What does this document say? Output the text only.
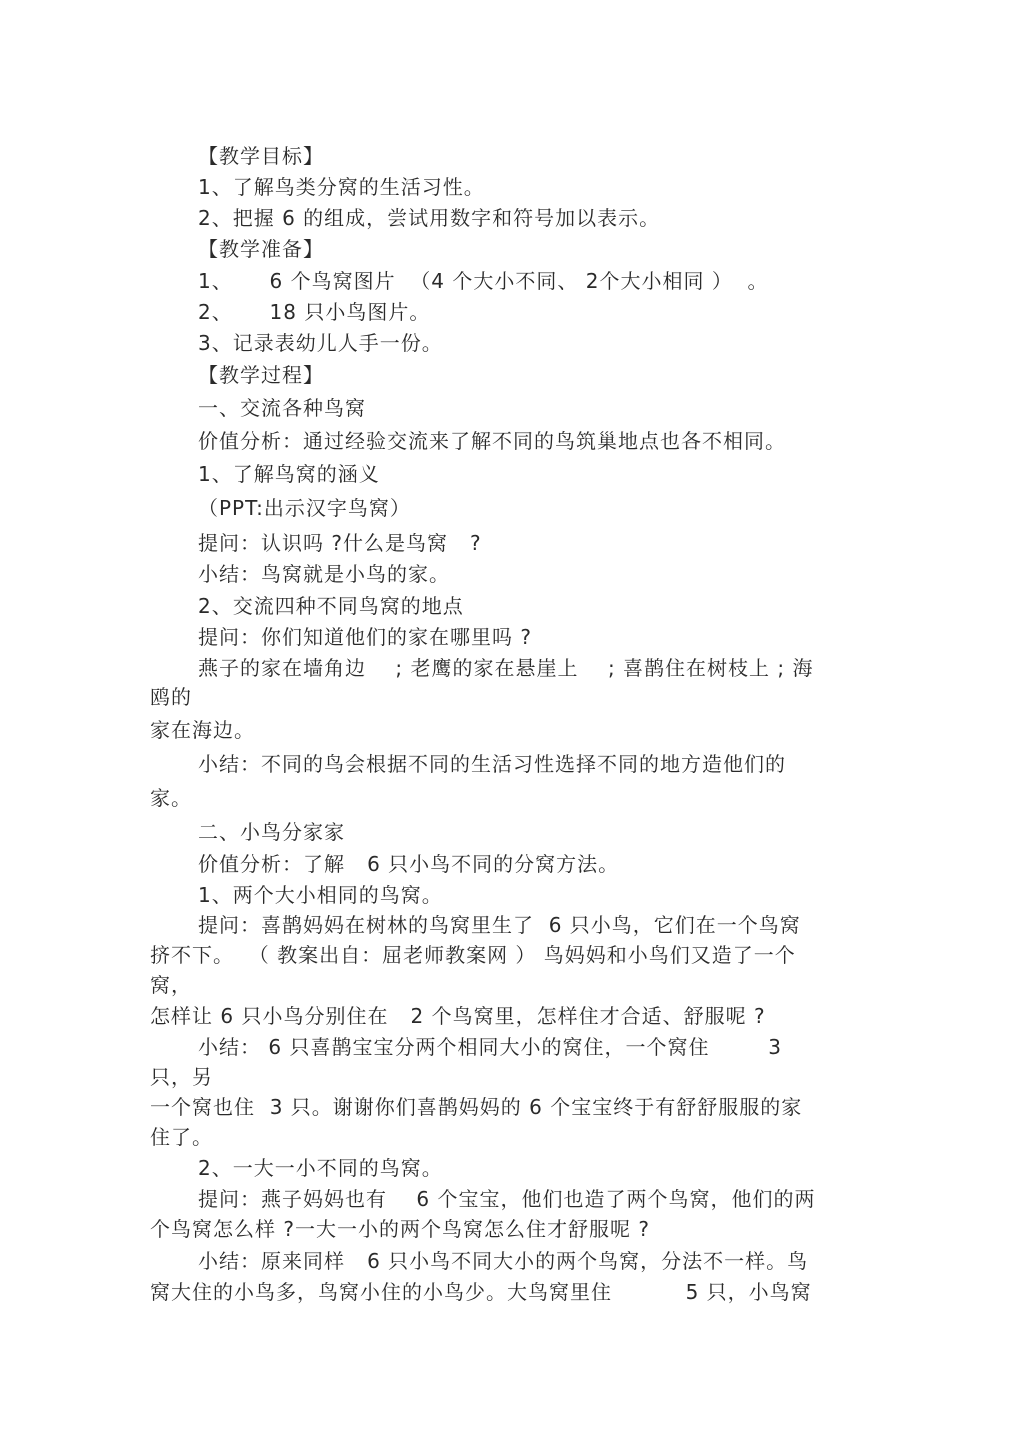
【教学目标】
1、了解鸟类分窝的生活习性。
2、把握 6 的组成，尝试用数字和符号加以表示。
【教学准备】
1、     6 个鸟窝图片  （4 个大小不同、 2个大小相同 ）  。
2、     18 只小鸟图片。
3、记录表幼儿人手一份。
【教学过程】
一、交流各种鸟窝
价值分析：通过经验交流来了解不同的鸟筑巢地点也各不相同。
1、了解鸟窝的涵义
（PPT:出示汉字鸟窝）
提问：认识吗 ?什么是鸟窝   ?
小结：鸟窝就是小鸟的家。
2、交流四种不同鸟窝的地点
提问：你们知道他们的家在哪里吗 ?
燕子的家在墙角边    ; 老鹰的家在悬崖上    ; 喜鹊住在树枝上 ; 海
鸥的
家在海边。
小结：不同的鸟会根据不同的生活习性选择不同的地方造他们的
家。
二、小鸟分家家
价值分析：了解   6 只小鸟不同的分窝方法。
1、两个大小相同的鸟窝。
提问：喜鹊妈妈在树林的鸟窝里生了  6 只小鸟，它们在一个鸟窝
挤不下。  （ 教案出自：屈老师教案网 ） 鸟妈妈和小鸟们又造了一个
窝，
怎样让 6 只小鸟分别住在   2 个鸟窝里，怎样住才合适、舒服呢 ?
小结： 6 只喜鹊宝宝分两个相同大小的窝住，一个窝住        3
只，另
一个窝也住  3 只。谢谢你们喜鹊妈妈的 6 个宝宝终于有舒舒服服的家
住了。
2、一大一小不同的鸟窝。
提问：燕子妈妈也有    6 个宝宝，他们也造了两个鸟窝，他们的两
个鸟窝怎么样 ?一大一小的两个鸟窝怎么住才舒服呢 ?
小结：原来同样   6 只小鸟不同大小的两个鸟窝，分法不一样。鸟
窝大住的小鸟多，鸟窝小住的小鸟少。大鸟窝里住          5 只，小鸟窝
